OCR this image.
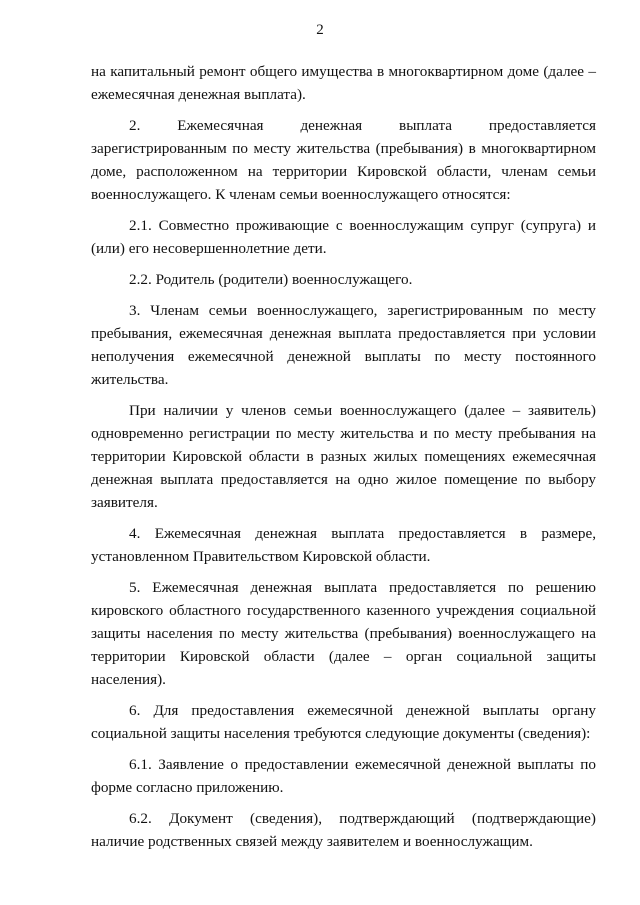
2

на капитальный ремонт общего имущества в многоквартирном доме (далее – ежемесячная денежная выплата).

2. Ежемесячная денежная выплата предоставляется зарегистрированным по месту жительства (пребывания) в многоквартирном доме, расположенном на территории Кировской области, членам семьи военнослужащего. К членам семьи военнослужащего относятся:

2.1. Совместно проживающие с военнослужащим супруг (супруга) и (или) его несовершеннолетние дети.

2.2. Родитель (родители) военнослужащего.

3. Членам семьи военнослужащего, зарегистрированным по месту пребывания, ежемесячная денежная выплата предоставляется при условии неполучения ежемесячной денежной выплаты по месту постоянного жительства.

При наличии у членов семьи военнослужащего (далее – заявитель) одновременно регистрации по месту жительства и по месту пребывания на территории Кировской области в разных жилых помещениях ежемесячная денежная выплата предоставляется на одно жилое помещение по выбору заявителя.

4. Ежемесячная денежная выплата предоставляется в размере, установленном Правительством Кировской области.

5. Ежемесячная денежная выплата предоставляется по решению кировского областного государственного казенного учреждения социальной защиты населения по месту жительства (пребывания) военнослужащего на территории Кировской области (далее – орган социальной защиты населения).

6. Для предоставления ежемесячной денежной выплаты органу социальной защиты населения требуются следующие документы (сведения):

6.1. Заявление о предоставлении ежемесячной денежной выплаты по форме согласно приложению.

6.2. Документ (сведения), подтверждающий (подтверждающие) наличие родственных связей между заявителем и военнослужащим.
